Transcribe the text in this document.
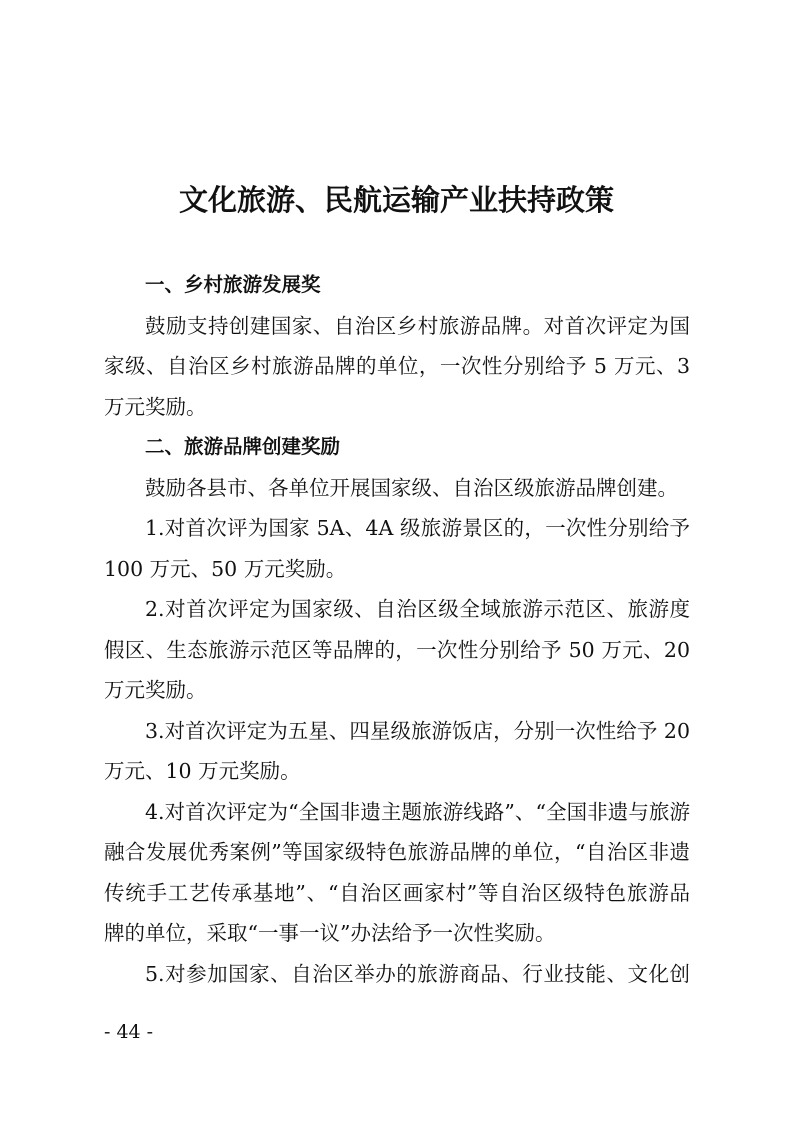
文化旅游、民航运输产业扶持政策
一、乡村旅游发展奖
鼓励支持创建国家、自治区乡村旅游品牌。对首次评定为国
家级、自治区乡村旅游品牌的单位，一次性分别给予 5 万元、3
万元奖励。
二、旅游品牌创建奖励
鼓励各县市、各单位开展国家级、自治区级旅游品牌创建。
1.对首次评为国家 5A、4A 级旅游景区的，一次性分别给予
100 万元、50 万元奖励。
2.对首次评定为国家级、自治区级全域旅游示范区、旅游度
假区、生态旅游示范区等品牌的，一次性分别给予 50 万元、20
万元奖励。
3.对首次评定为五星、四星级旅游饭店，分别一次性给予 20
万元、10 万元奖励。
4.对首次评定为“全国非遗主题旅游线路”、“全国非遗与旅游
融合发展优秀案例”等国家级特色旅游品牌的单位，“自治区非遗
传统手工艺传承基地”、“自治区画家村”等自治区级特色旅游品
牌的单位，采取“一事一议”办法给予一次性奖励。
5.对参加国家、自治区举办的旅游商品、行业技能、文化创
- 44 -
